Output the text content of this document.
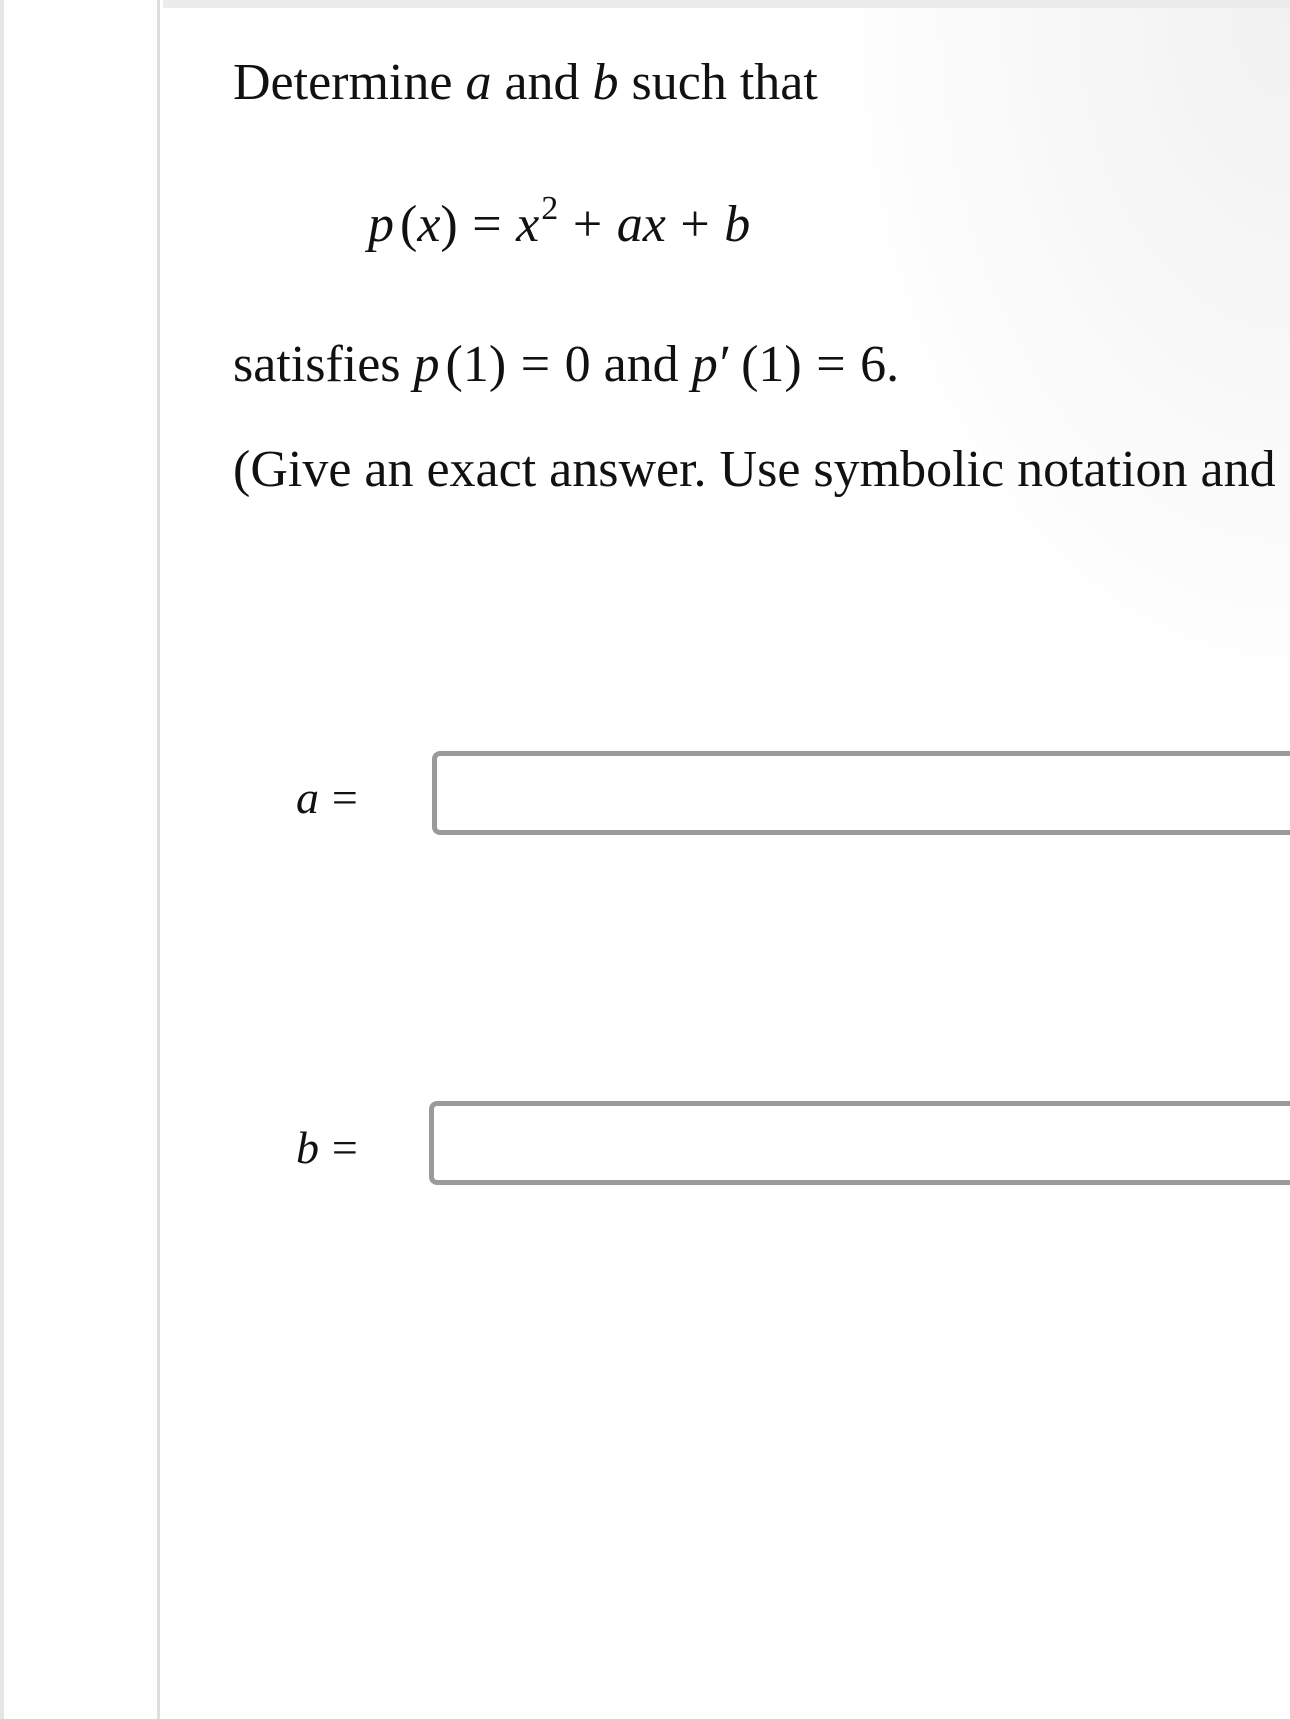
Determine a and b such that
p $(x) = x^2$ + ax + b
satisfies p (1) = 0 and p′ (1) = 6.
(Give an exact answer. Use symbolic notation and
a =
b =
